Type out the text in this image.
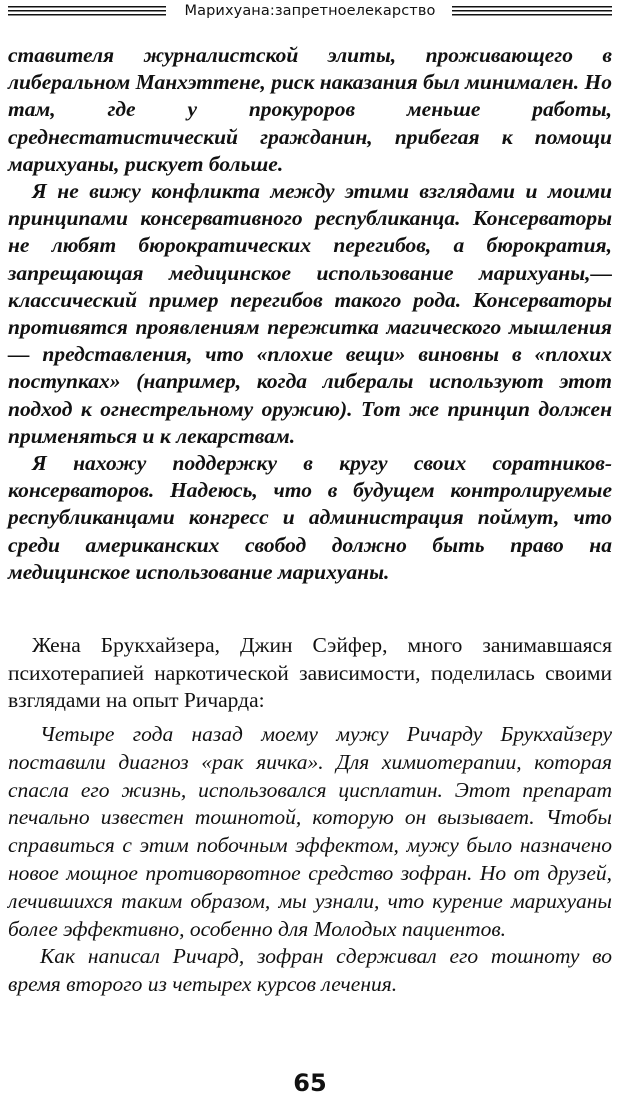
Марихуана:запретноелекарство

ставителя журналистской элиты, проживающего в либеральном Манхэттене, риск наказания был минимален. Но там, где у прокуроров меньше работы, среднестатистический гражданин, прибегая к помощи марихуаны, рискует больше.

Я не вижу конфликта между этими взглядами и моими принципами консервативного республиканца. Консерваторы не любят бюрократических перегибов, а бюрократия, запрещающая медицинское использование марихуаны,— классический пример перегибов такого рода. Консерваторы противятся проявлениям пережитка магического мышления — представления, что «плохие вещи» виновны в «плохих поступках» (например, когда либералы используют этот подход к огнестрельному оружию). Тот же принцип должен применяться и к лекарствам.

Я нахожу поддержку в кругу своих соратников-консерваторов. Надеюсь, что в будущем контролируемые республиканцами конгресс и администрация поймут, что среди американских свобод должно быть право на медицинское использование марихуаны.

Жена Брукхайзера, Джин Сэйфер, много занимавшаяся психотерапией наркотической зависимости, поделилась своими взглядами на опыт Ричарда:

Четыре года назад моему мужу Ричарду Брукхайзеру поставили диагноз «рак яичка». Для химиотерапии, которая спасла его жизнь, использовался цисплатин. Этот препарат печально известен тошнотой, которую он вызывает. Чтобы справиться с этим побочным эффектом, мужу было назначено новое мощное противорвотное средство зофран. Но от друзей, лечившихся таким образом, мы узнали, что курение марихуаны более эффективно, особенно для Молодых пациентов.

Как написал Ричард, зофран сдерживал его тошноту во время второго из четырех курсов лечения.

65
